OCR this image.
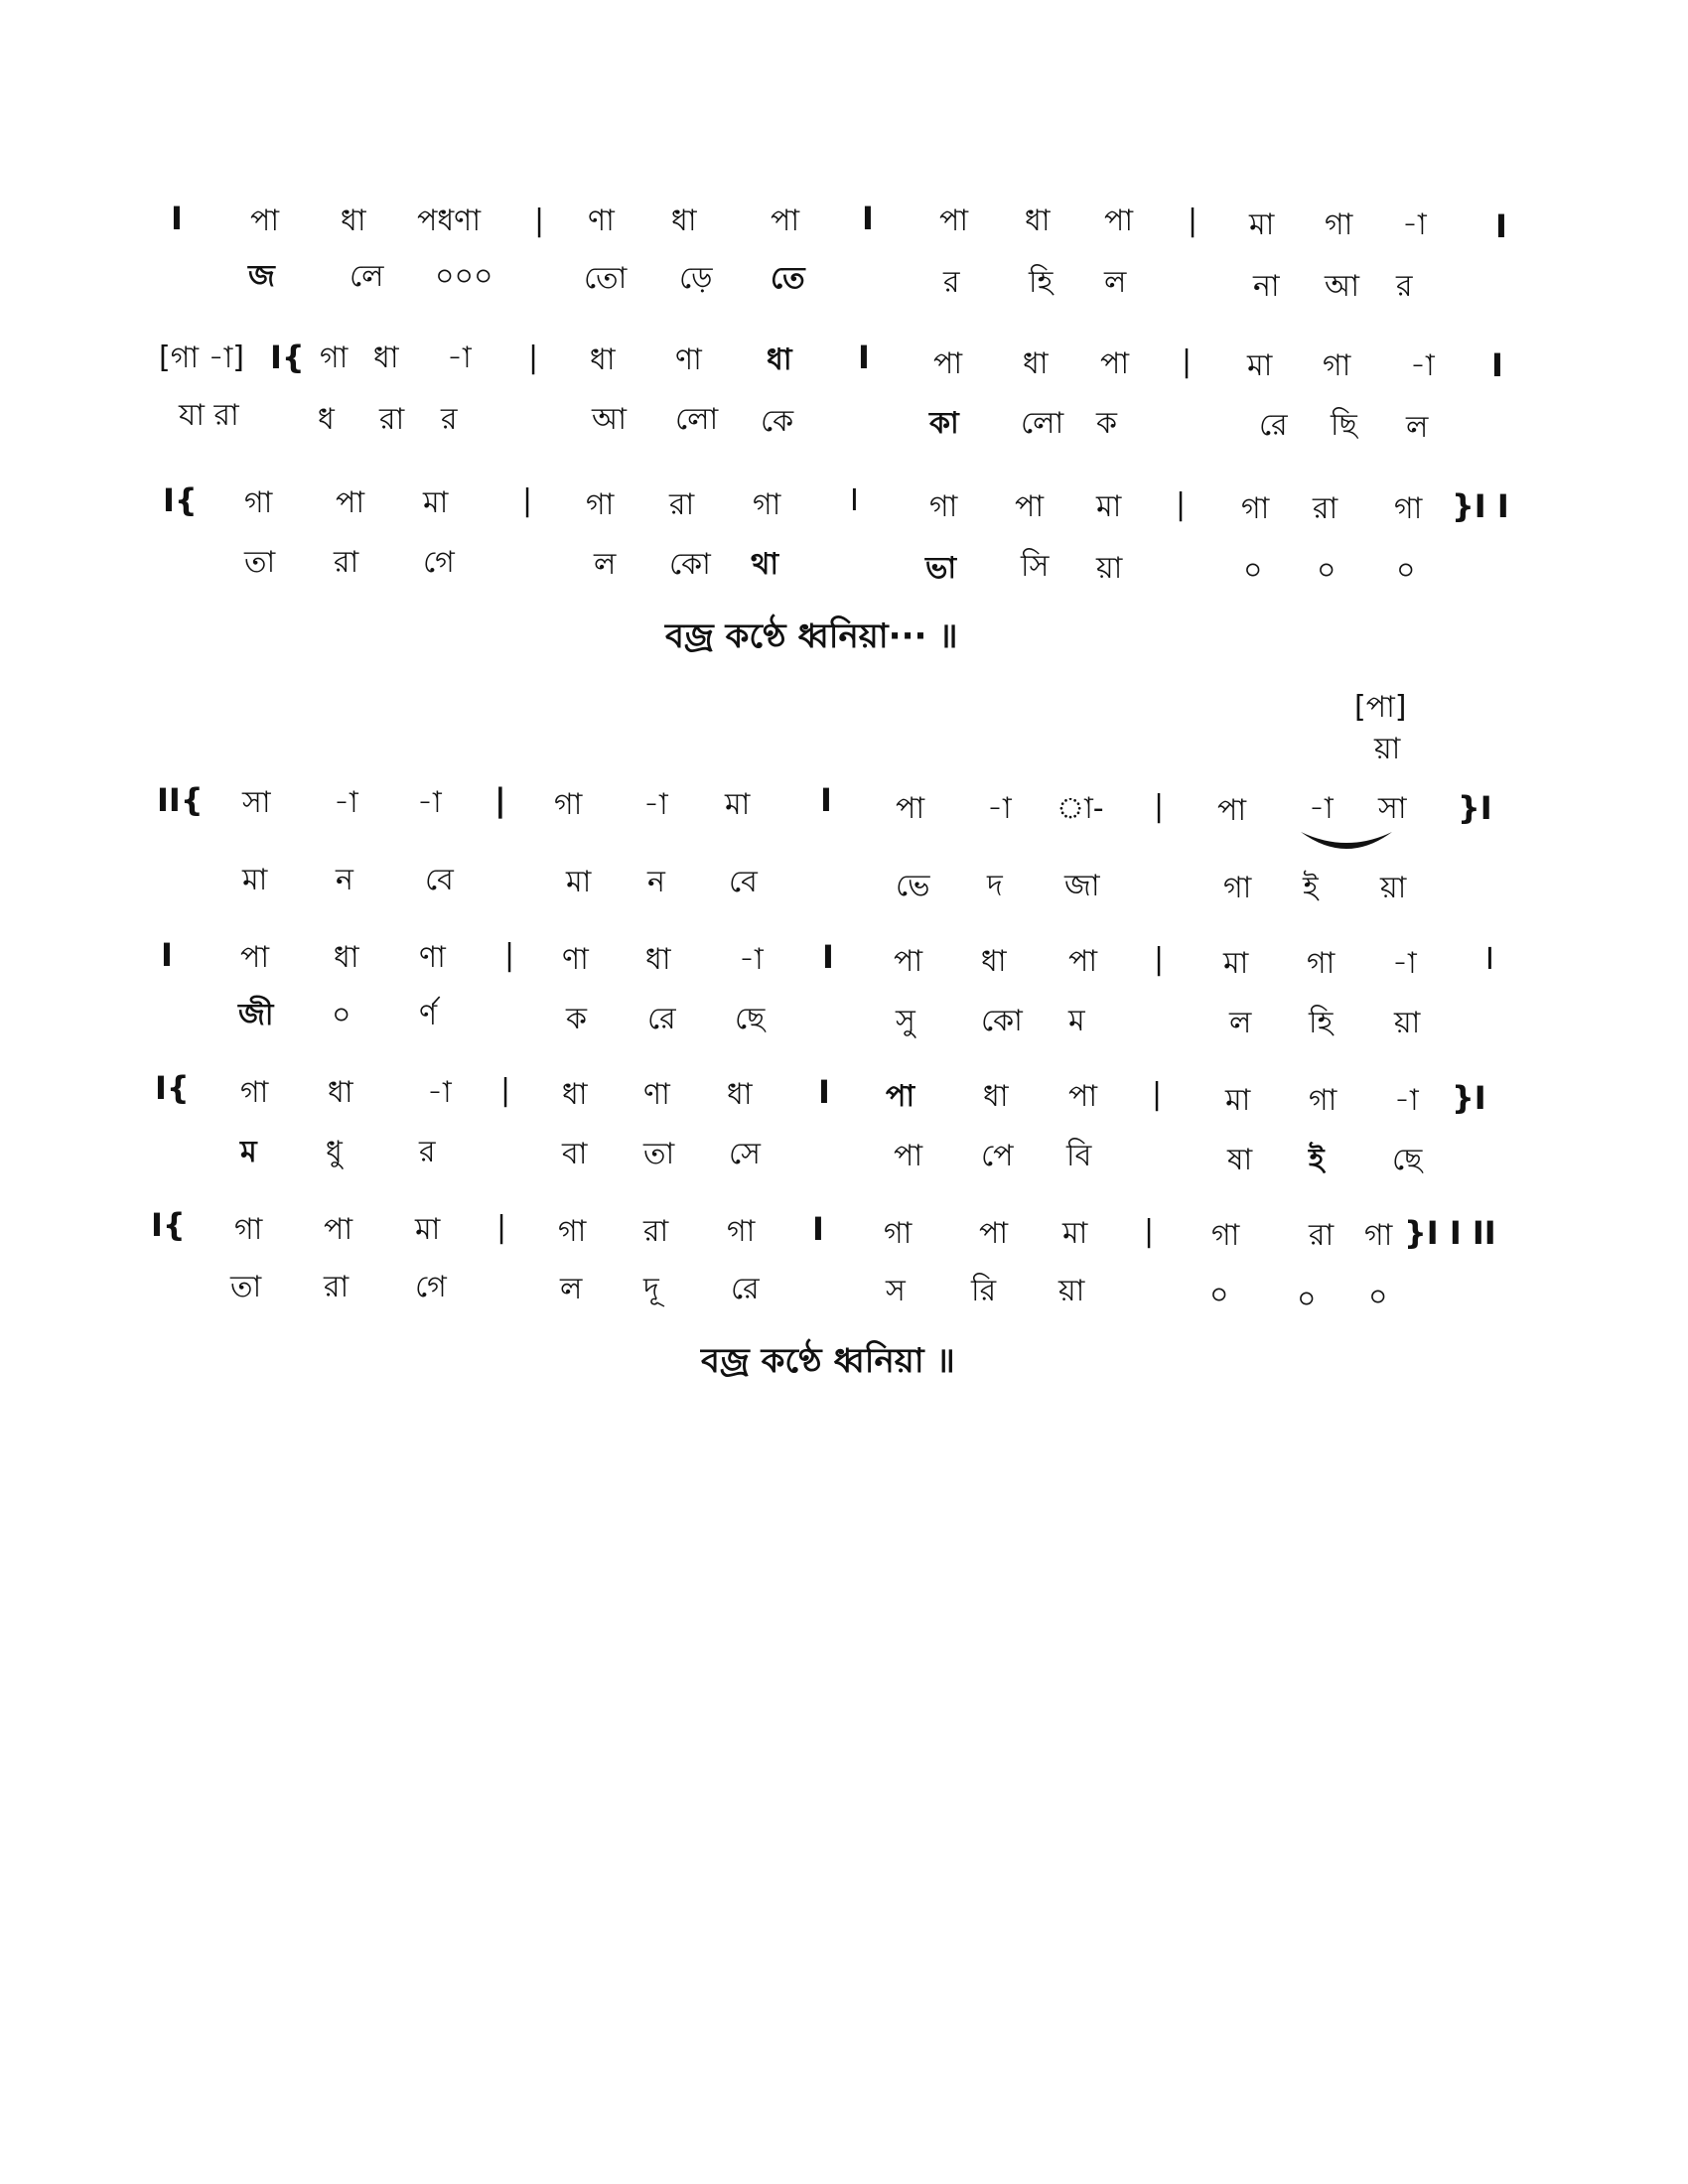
I পা ধা পধণা | ণা ধা পা I পা ধা পা | মা গা -া I
জ	লে ০০০	তো ড়ে তে	র হি ল	না আ র
[গা -া] I{ গা ধা -া | ধা ণা ধা I পা ধা পা | মা গা -া I
যা রা	ধ রা র	আ লো কে	কা লো ক	রে ছি ল
I{ গা পা মা | গা রা গা I গা পা মা | গা রা গা }I I
তা রা গে	ল কো থা	ভা সি য়া	০ ০ ০
বজ্র কণ্ঠে ধ্বনিয়া··· ॥
[পা]
য়া
II{ সা -া -া | গা -া মা I পা -া া- | পা -া সা }I
মা ন বে	মা ন বে	ভে দ জা	গা ই য়া
I পা ধা ণা | ণা ধা -া I পা ধা পা | মা গা -া I
জী ০ র্ণ	ক রে ছে	সু কো ম	ল হি য়া
I{ গা ধা -া | ধা ণা ধা I পা ধা পা | মা গা -া }I
ম ধু	র	বা তা সে	পা পে বি	ষা ই ছে
I{ গা পা মা | গা রা গা I গা পা মা | গা রা গা }I I II
তা রা গে	ল দূ রে	স রি য়া	০ ০ ০
বজ্র কণ্ঠে ধ্বনিয়া ॥
